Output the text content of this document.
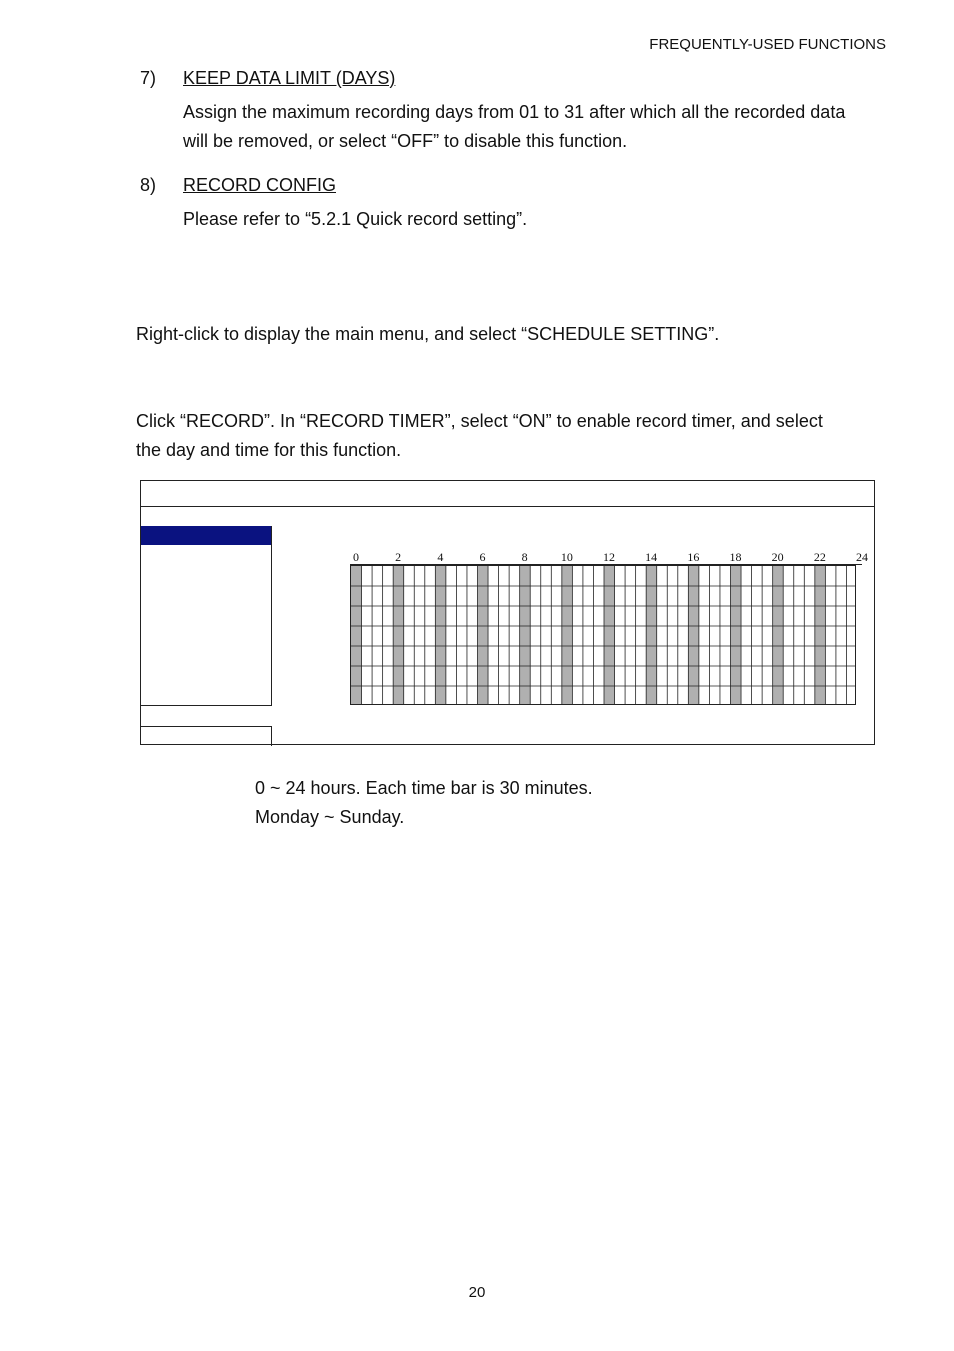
FREQUENTLY-USED FUNCTIONS
7) KEEP DATA LIMIT (DAYS)
Assign the maximum recording days from 01 to 31 after which all the recorded data
will be removed, or select “OFF” to disable this function.
8) RECORD CONFIG
Please refer to “5.2.1 Quick record setting”.
Right-click to display the main menu, and select “SCHEDULE SETTING”.
Click “RECORD”. In “RECORD TIMER”, select “ON” to enable record timer, and select
the day and time for this function.
0	2	4	6	8	10	12	14	16	18	20	22	24
0 ~ 24 hours. Each time bar is 30 minutes.
Monday ~ Sunday.
20
